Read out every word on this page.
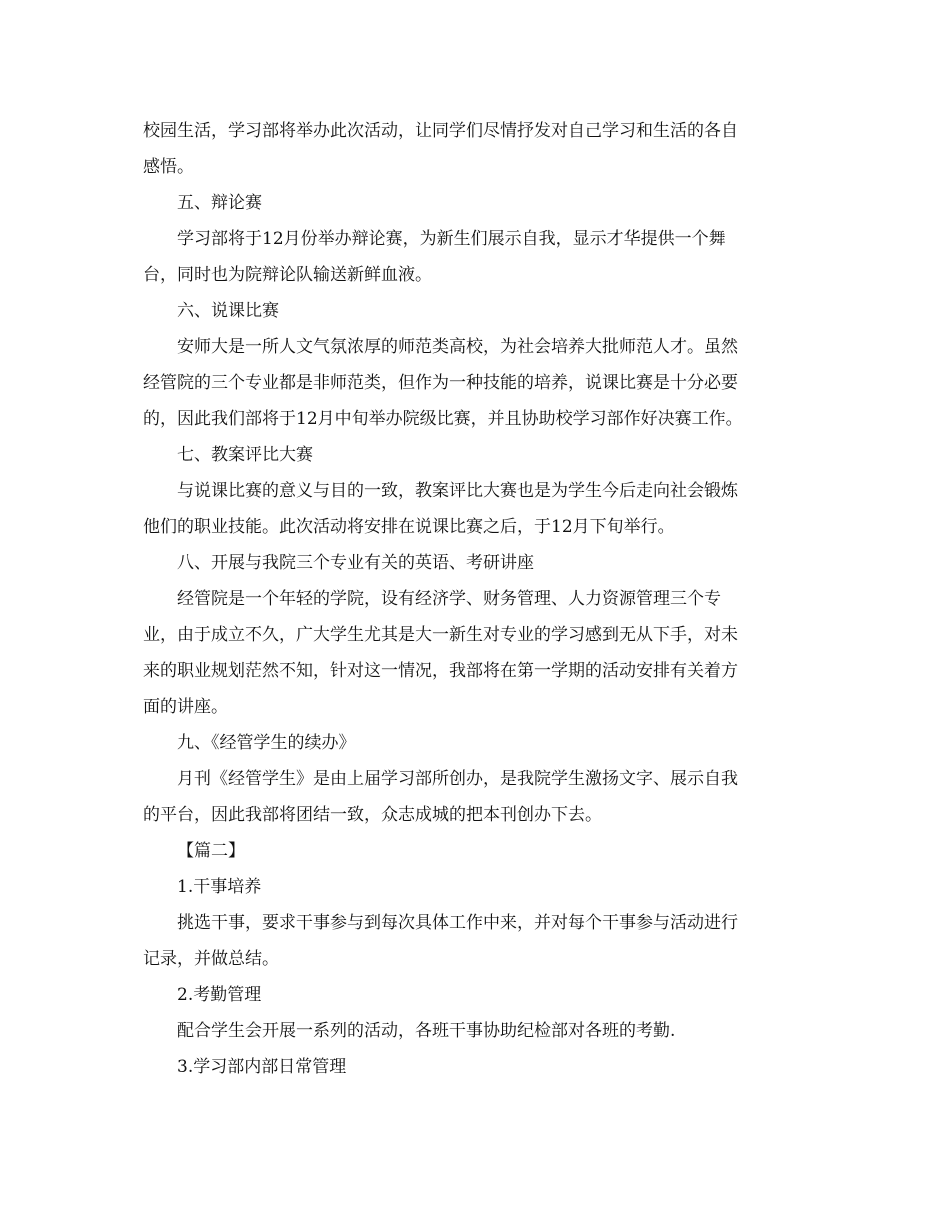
校园生活，学习部将举办此次活动，让同学们尽情抒发对自己学习和生活的各自
感悟。
五、辩论赛
学习部将于12月份举办辩论赛，为新生们展示自我，显示才华提供一个舞
台，同时也为院辩论队输送新鲜血液。
六、说课比赛
安师大是一所人文气氛浓厚的师范类高校，为社会培养大批师范人才。虽然
经管院的三个专业都是非师范类，但作为一种技能的培养，说课比赛是十分必要
的，因此我们部将于12月中旬举办院级比赛，并且协助校学习部作好决赛工作。
七、教案评比大赛
与说课比赛的意义与目的一致，教案评比大赛也是为学生今后走向社会锻炼
他们的职业技能。此次活动将安排在说课比赛之后，于12月下旬举行。
八、开展与我院三个专业有关的英语、考研讲座
经管院是一个年轻的学院，设有经济学、财务管理、人力资源管理三个专
业，由于成立不久，广大学生尤其是大一新生对专业的学习感到无从下手，对未
来的职业规划茫然不知，针对这一情况，我部将在第一学期的活动安排有关着方
面的讲座。
九、《经管学生的续办》
月刊《经管学生》是由上届学习部所创办，是我院学生激扬文字、展示自我
的平台，因此我部将团结一致，众志成城的把本刊创办下去。
【篇二】
1.干事培养
挑选干事，要求干事参与到每次具体工作中来，并对每个干事参与活动进行
记录，并做总结。
2.考勤管理
配合学生会开展一系列的活动，各班干事协助纪检部对各班的考勤.
3.学习部内部日常管理
